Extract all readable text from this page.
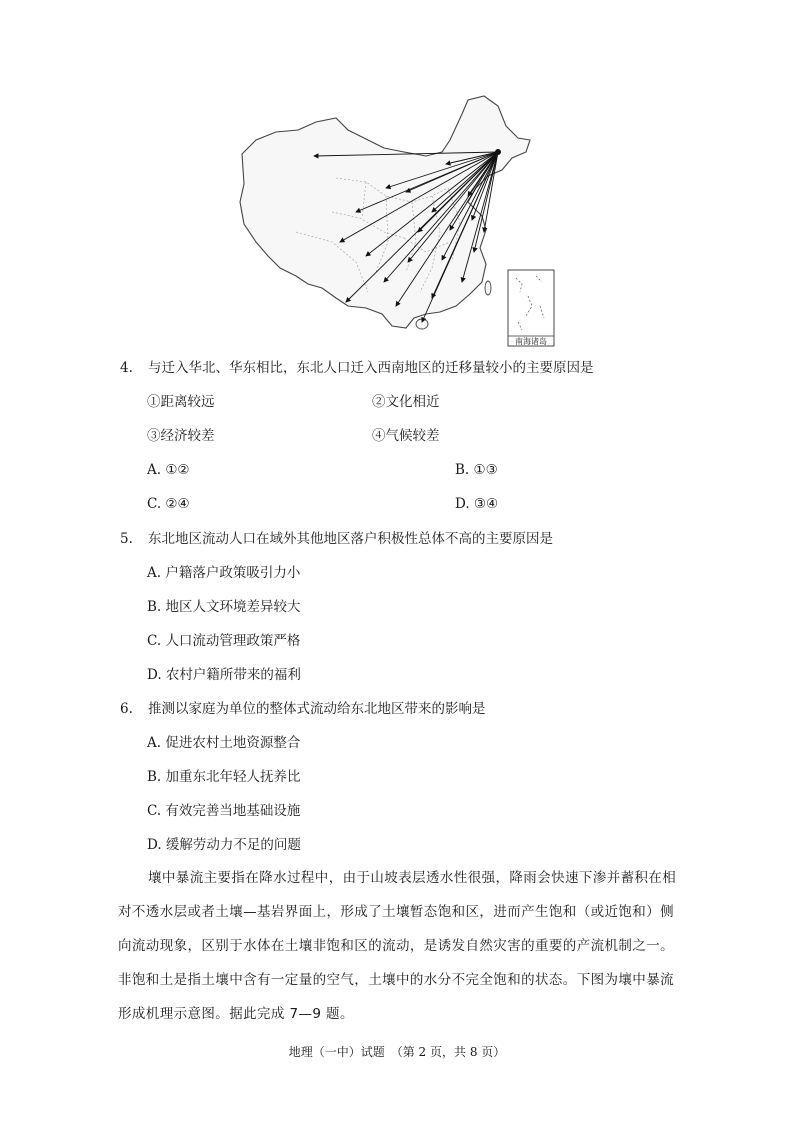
南海诸岛
4. 与迁入华北、华东相比，东北人口迁入西南地区的迁移量较小的主要原因是
①距离较远	②文化相近
③经济较差	④气候较差
A. ①②	B. ①③
C. ②④	D. ③④
5. 东北地区流动人口在域外其他地区落户积极性总体不高的主要原因是
A. 户籍落户政策吸引力小
B. 地区人文环境差异较大
C. 人口流动管理政策严格
D. 农村户籍所带来的福利
6. 推测以家庭为单位的整体式流动给东北地区带来的影响是
A. 促进农村土地资源整合
B. 加重东北年轻人抚养比
C. 有效完善当地基础设施
D. 缓解劳动力不足的问题
壤中暴流主要指在降水过程中，由于山坡表层透水性很强，降雨会快速下渗并蓄积在相
对不透水层或者土壤—基岩界面上，形成了土壤暂态饱和区，进而产生饱和（或近饱和）侧
向流动现象，区别于水体在土壤非饱和区的流动，是诱发自然灾害的重要的产流机制之一。
非饱和土是指土壤中含有一定量的空气，土壤中的水分不完全饱和的状态。下图为壤中暴流
形成机理示意图。据此完成 7—9 题。
地理（一中）试题　（第 2 页，共 8 页）
